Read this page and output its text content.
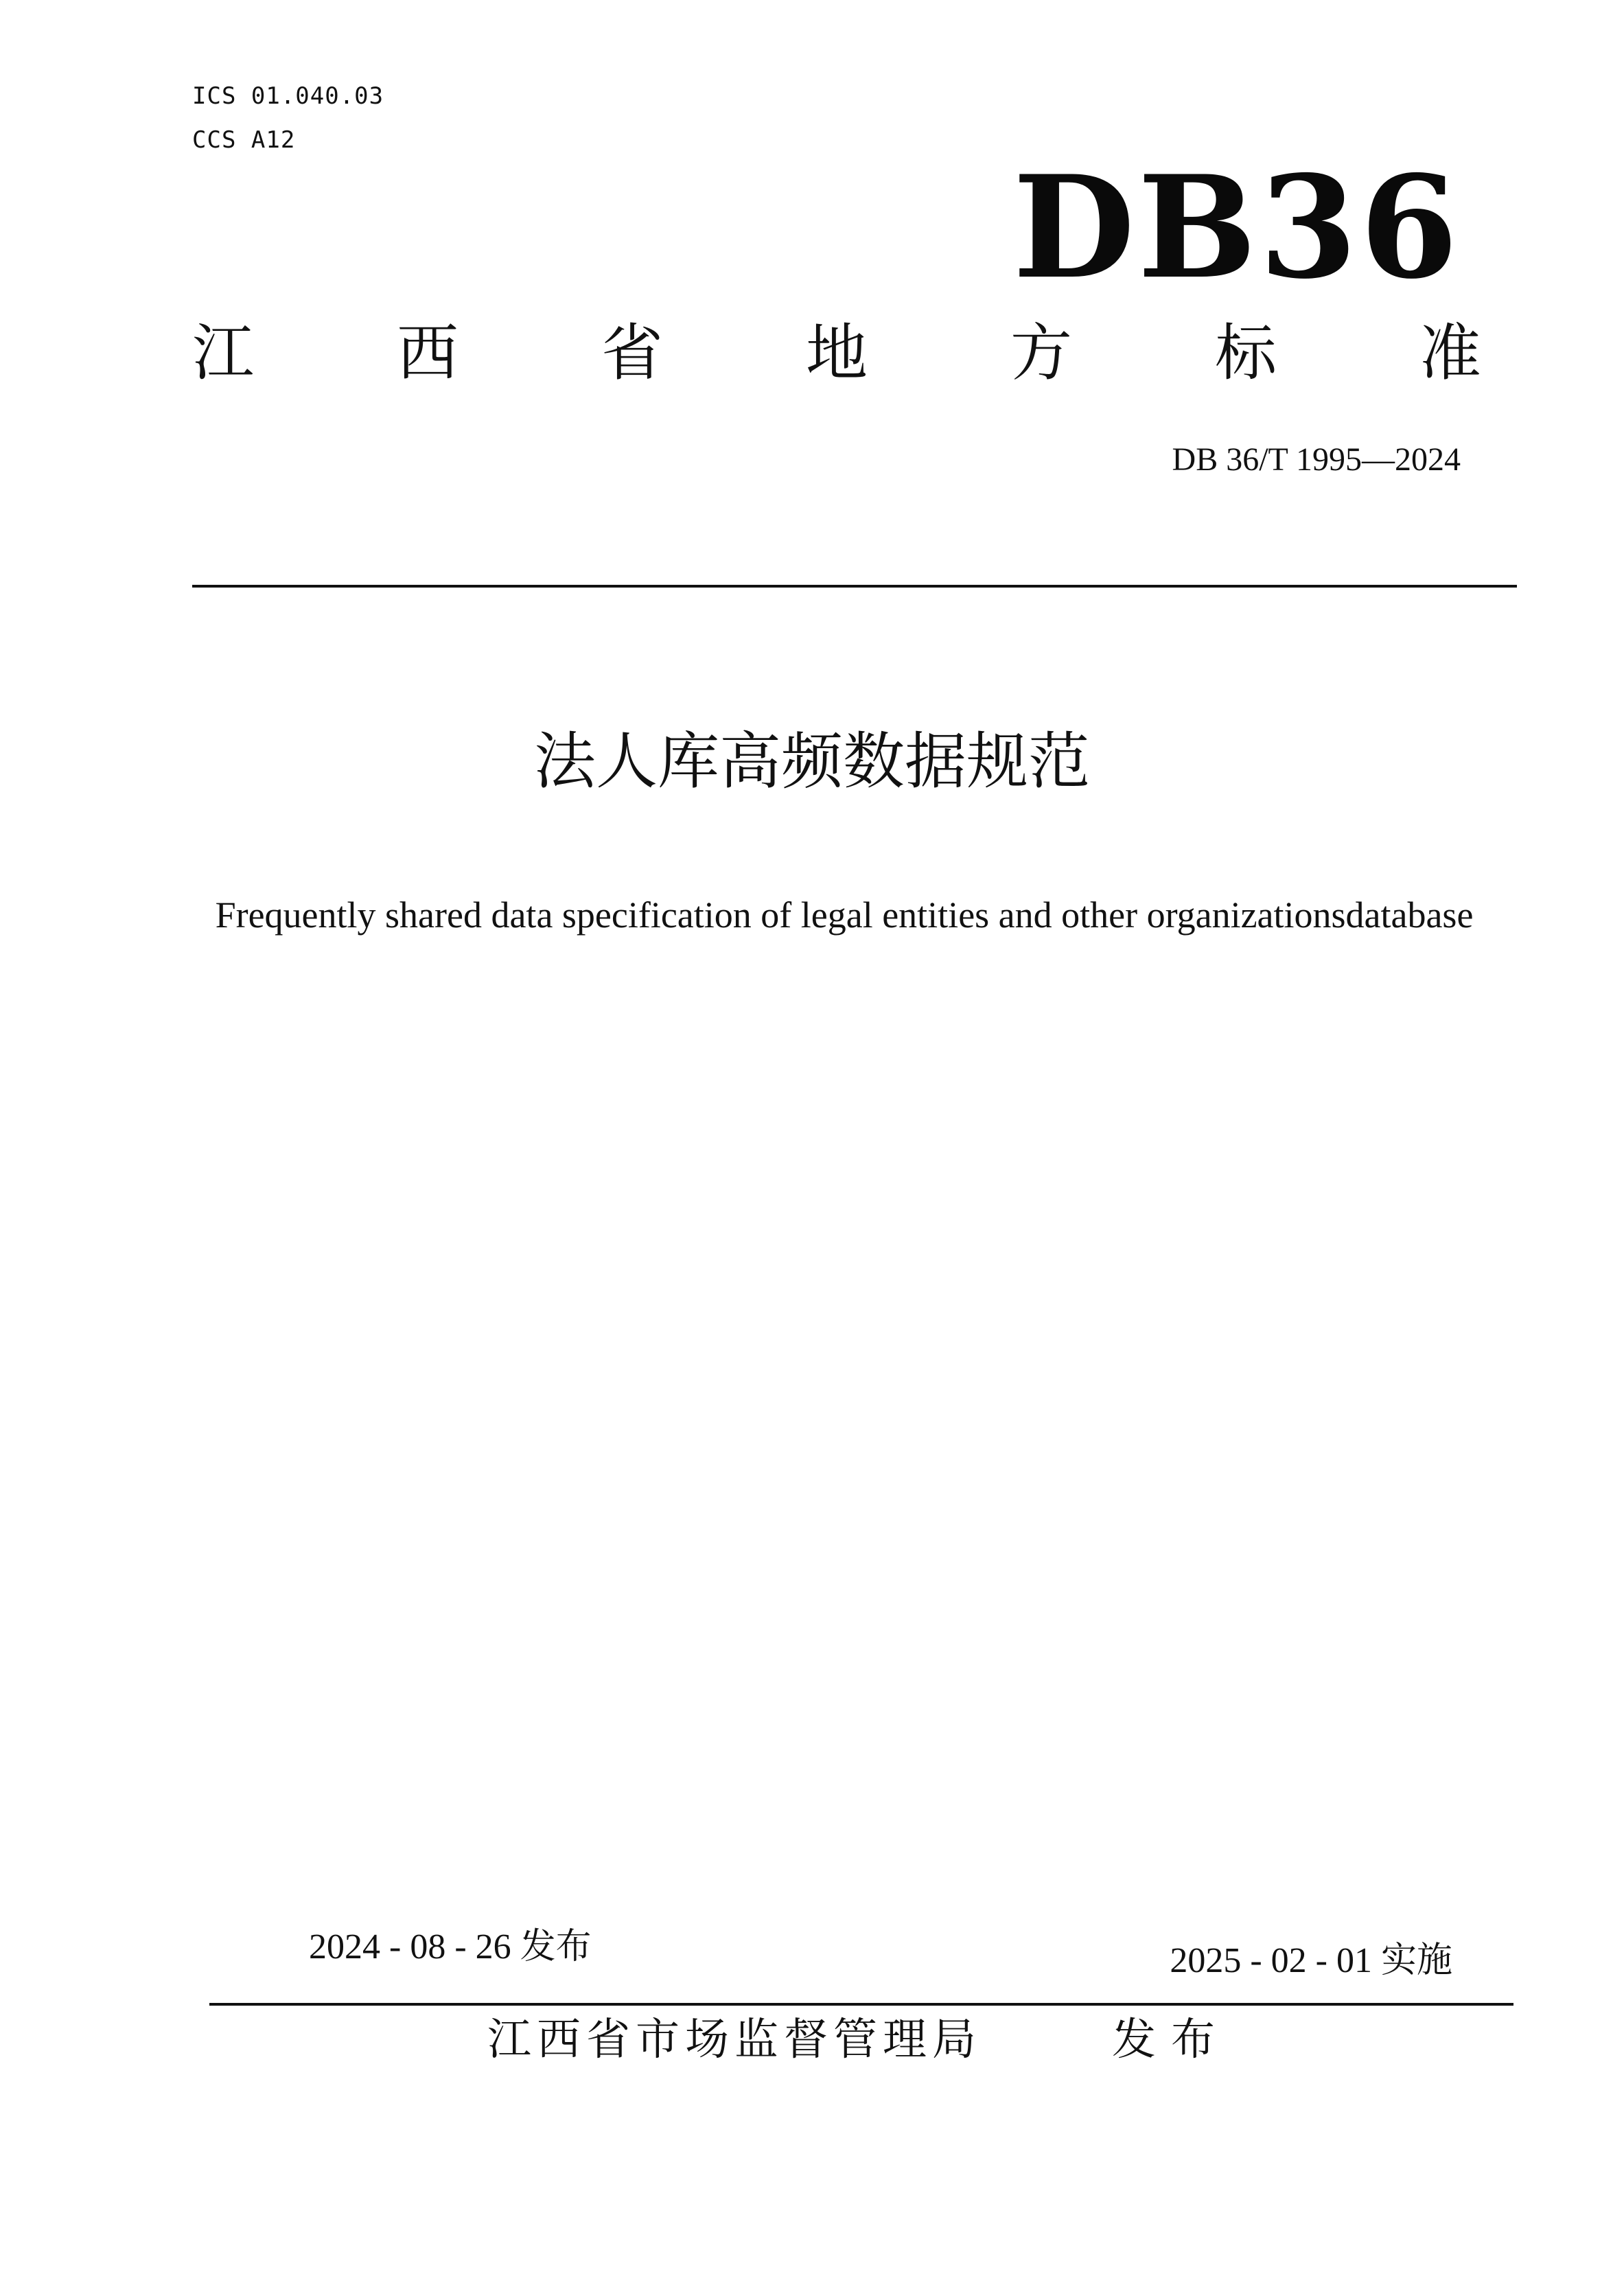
ICS 01.040.03
CCS A12
DB36
江 西 省 地 方 标 准
DB 36/T 1995—2024
法人库高频数据规范
Frequently shared data specification of legal entities and other organizationsdatabase
2024 - 08 - 26 发布	2025 - 02 - 01 实施
江西省市场监督管理局	发布
